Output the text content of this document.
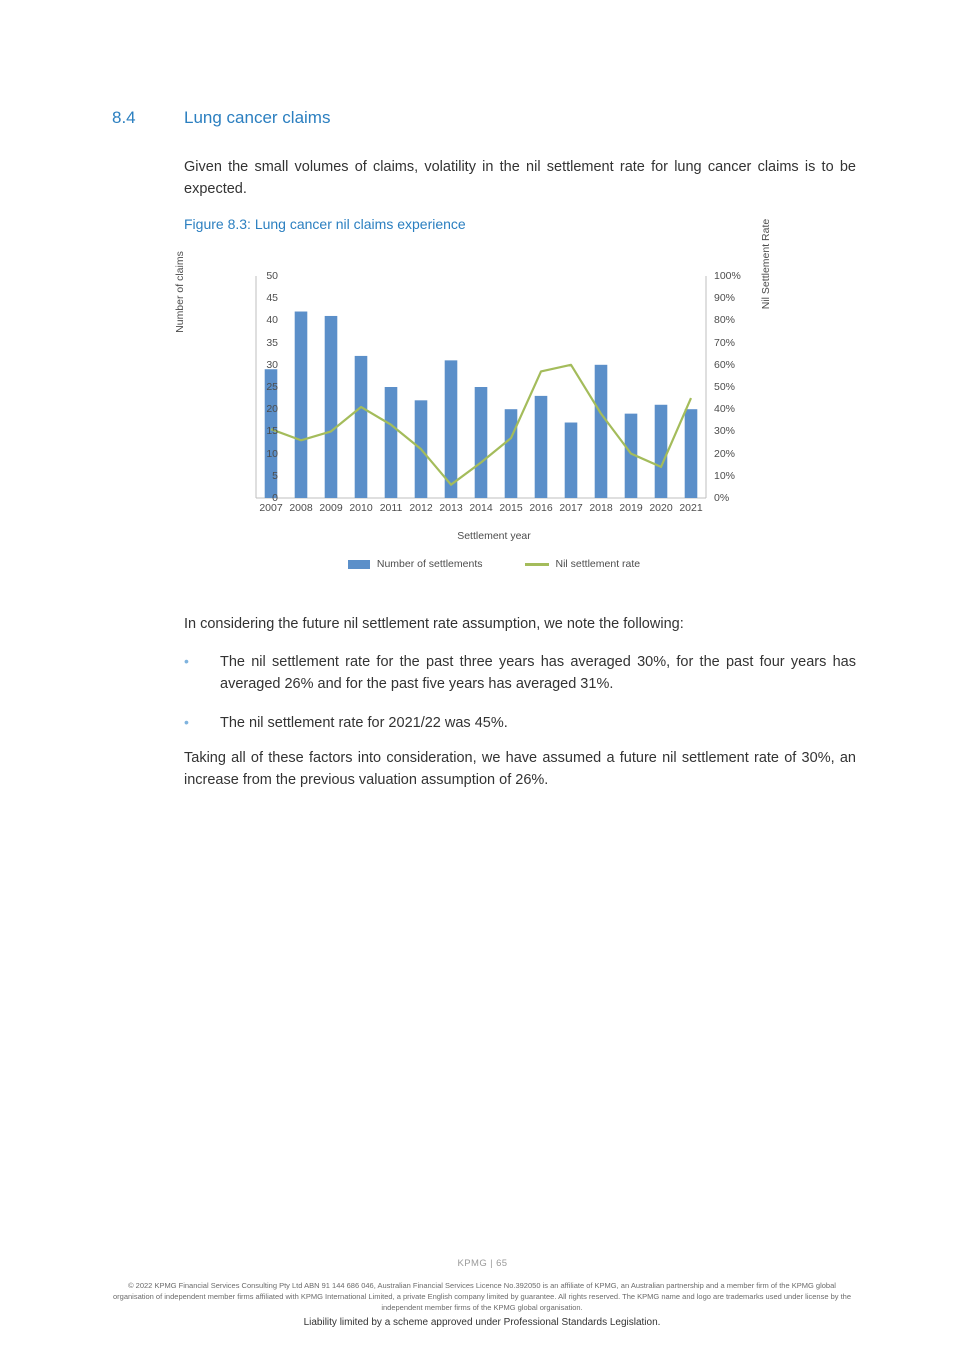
8.4	Lung cancer claims
Given the small volumes of claims, volatility in the nil settlement rate for lung cancer claims is to be expected.
Figure 8.3: Lung cancer nil claims experience
Number of claims	Nil Settlement Rate
Settlement year
0
5
10
15
20
25
30
35
40
45
50
0%
10%
20%
30%
40%
50%
60%
70%
80%
90%
100%
2007 2008 2009 2010 2011 2012 2013 2014 2015 2016 2017 2018 2019 2020 2021
Number of settlements	Nil settlement rate
In considering the future nil settlement rate assumption, we note the following:
•	The nil settlement rate for the past three years has averaged 30%, for the past four years has averaged 26% and for the past five years has averaged 31%.
•	The nil settlement rate for 2021/22 was 45%.
Taking all of these factors into consideration, we have assumed a future nil settlement rate of 30%, an increase from the previous valuation assumption of 26%.
KPMG | 65
© 2022 KPMG Financial Services Consulting Pty Ltd ABN 91 144 686 046, Australian Financial Services Licence No.392050 is an affiliate of KPMG, an Australian partnership and a member firm of the KPMG global organisation of independent member firms affiliated with KPMG International Limited, a private English company limited by guarantee. All rights reserved. The KPMG name and logo are trademarks used under license by the independent member firms of the KPMG global organisation.
Liability limited by a scheme approved under Professional Standards Legislation.
